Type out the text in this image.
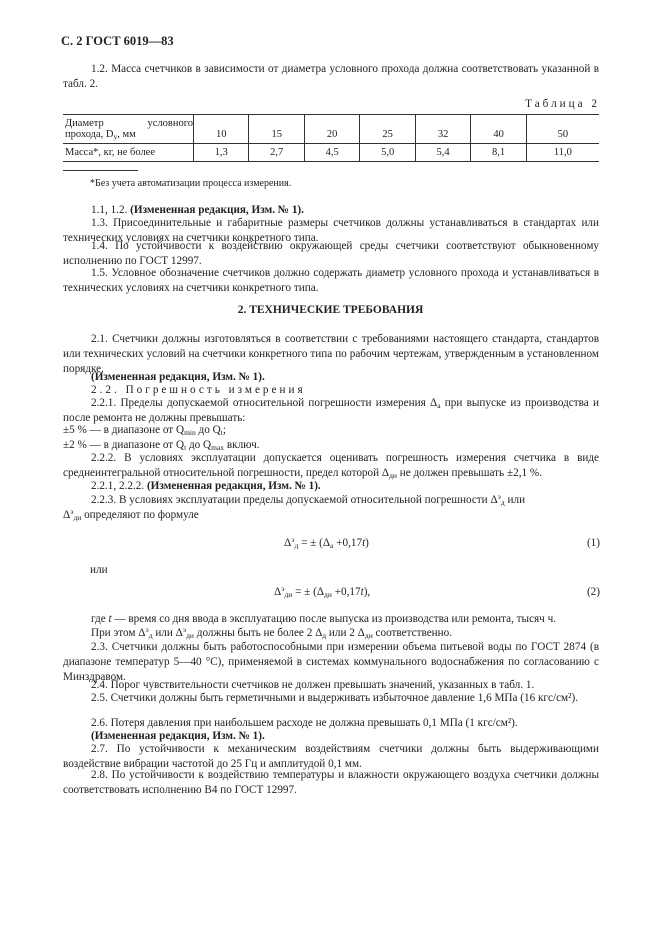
С. 2 ГОСТ 6019—83
1.2. Масса счетчиков в зависимости от диаметра условного прохода должна соответствовать указанной в табл. 2.
Таблица 2
Диаметр условного
прохода, $D_у$, мм	10	15	20	25	32	40	50
Масса*, кг, не более	1,3	2,7	4,5	5,0	5,4	8,1	11,0
*Без учета автоматизации процесса измерения.
1.1, 1.2. (Измененная редакция, Изм. № 1).
1.3. Присоединительные и габаритные размеры счетчиков должны устанавливаться в стандартах или технических условиях на счетчики конкретного типа.
1.4. По устойчивости к воздействию окружающей среды счетчики соответствуют обыкновенному исполнению по ГОСТ 12997.
1.5. Условное обозначение счетчиков должно содержать диаметр условного прохода и устанавливаться в технических условиях на счетчики конкретного типа.
2. ТЕХНИЧЕСКИЕ ТРЕБОВАНИЯ
2.1. Счетчики должны изготовляться в соответствии с требованиями настоящего стандарта, стандартов или технических условий на счетчики конкретного типа по рабочим чертежам, утвержденным в установленном порядке.
(Измененная редакция, Изм. № 1).
2.2. Погрешность измерения
2.2.1. Пределы допускаемой относительной погрешности измерения $\Delta_а$ при выпуске из производства и после ремонта не должны превышать:
±5 % — в диапазоне от $Q_{min}$ до $Q_t$;
±2 % — в диапазоне от $Q_t$ до $Q_{max}$ включ.
2.2.2. В условиях эксплуатации допускается оценивать погрешность измерения счетчика в виде среднеинтегральной относительной погрешности, предел которой $\Delta_{ди}$ не должен превышать ±2,1 %.
2.2.1, 2.2.2. (Измененная редакция, Изм. № 1).
2.2.3. В условиях эксплуатации пределы допускаемой относительной погрешности $\Delta^э_д$ или
$\Delta^э_{ди}$ определяют по формуле
$\Delta^э_д$ = ± $(\Delta_а +0,17t)$	(1)
или
$\Delta^э_{ди}$ = ± $(\Delta_{ди} +0,17t)$,	(2)
где t — время со дня ввода в эксплуатацию после выпуска из производства или ремонта, тысяч ч.
При этом $\Delta^э_д$ или $\Delta^э_{ди}$ должны быть не более 2 $\Delta_д$ или 2 $\Delta_{ди}$ соответственно.
2.3. Счетчики должны быть работоспособными при измерении объема питьевой воды по ГОСТ 2874 (в диапазоне температур 5—40 °С), применяемой в системах коммунального водоснабжения по согласованию с Минздравом.
2.4. Порог чувствительности счетчиков не должен превышать значений, указанных в табл. 1.
2.5. Счетчики должны быть герметичными и выдерживать избыточное давление 1,6 МПа (16 кгс/см²).
2.6. Потеря давления при наибольшем расходе не должна превышать 0,1 МПа (1 кгс/см²).
(Измененная редакция, Изм. № 1).
2.7. По устойчивости к механическим воздействиям счетчики должны быть выдерживающими воздействие вибрации частотой до 25 Гц и амплитудой 0,1 мм.
2.8. По устойчивости к воздействию температуры и влажности окружающего воздуха счетчики должны соответствовать исполнению В4 по ГОСТ 12997.
